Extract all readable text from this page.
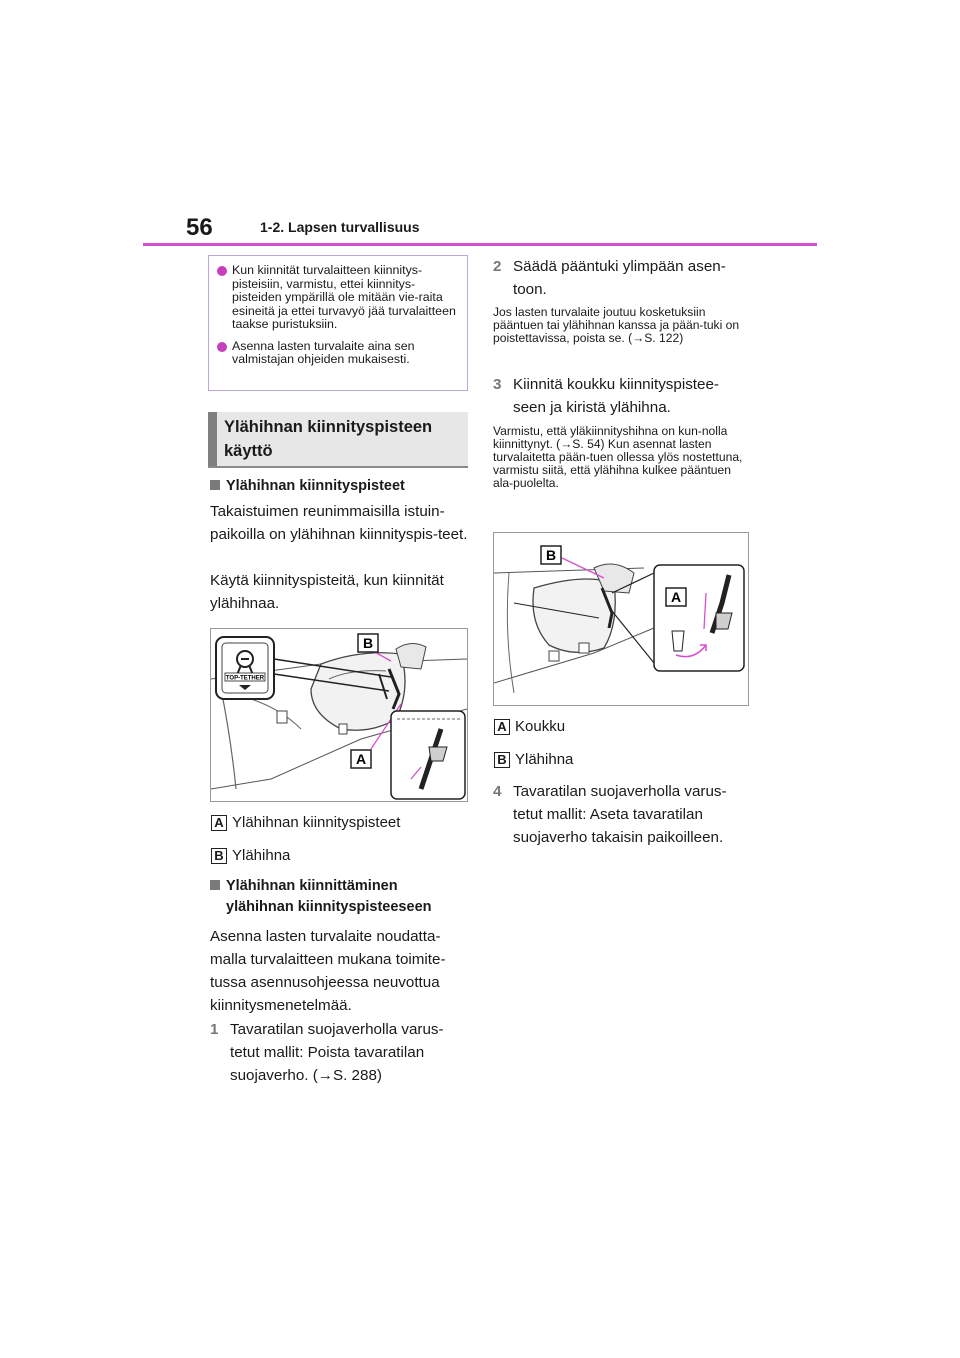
56	1-2. Lapsen turvallisuus
Kun kiinnität turvalaitteen kiinnitys-pisteisiin, varmistu, ettei kiinnitys-pisteiden ympärillä ole mitään vie-raita esineitä ja ettei turvavyö jää turvalaitteen taakse puristuksiin.
Asenna lasten turvalaite aina sen valmistajan ohjeiden mukaisesti.
Ylähihnan kiinnityspisteen käyttö
Ylähihnan kiinnityspisteet
Takaistuimen reunimmaisilla istuin-paikoilla on ylähihnan kiinnityspis-teet.
Käytä kiinnityspisteitä, kun kiinnität ylähihnaa.
TOP-TETHER
B
A
A Ylähihnan kiinnityspisteet
B Ylähihna
Ylähihnan kiinnittäminen
ylähihnan kiinnityspisteeseen
Asenna lasten turvalaite noudatta-malla turvalaitteen mukana toimite-tussa asennusohjeessa neuvottua kiinnitysmenetelmää.
1 Tavaratilan suojaverholla varus-tetut mallit: Poista tavaratilan suojaverho. (→S. 288)
2 Säädä pääntuki ylimpään asen-toon.
Jos lasten turvalaite joutuu kosketuksiin pääntuen tai ylähihnan kanssa ja pään-tuki on poistettavissa, poista se. (→S. 122)
3 Kiinnitä koukku kiinnityspistee-seen ja kiristä ylähihna.
Varmistu, että yläkiinnityshihna on kun-nolla kiinnittynyt. (→S. 54) Kun asennat lasten turvalaitetta pään-tuen ollessa ylös nostettuna, varmistu siitä, että ylähihna kulkee pääntuen ala-puolelta.
B
A
A Koukku
B Ylähihna
4 Tavaratilan suojaverholla varus-tetut mallit: Aseta tavaratilan suojaverho takaisin paikoilleen.
